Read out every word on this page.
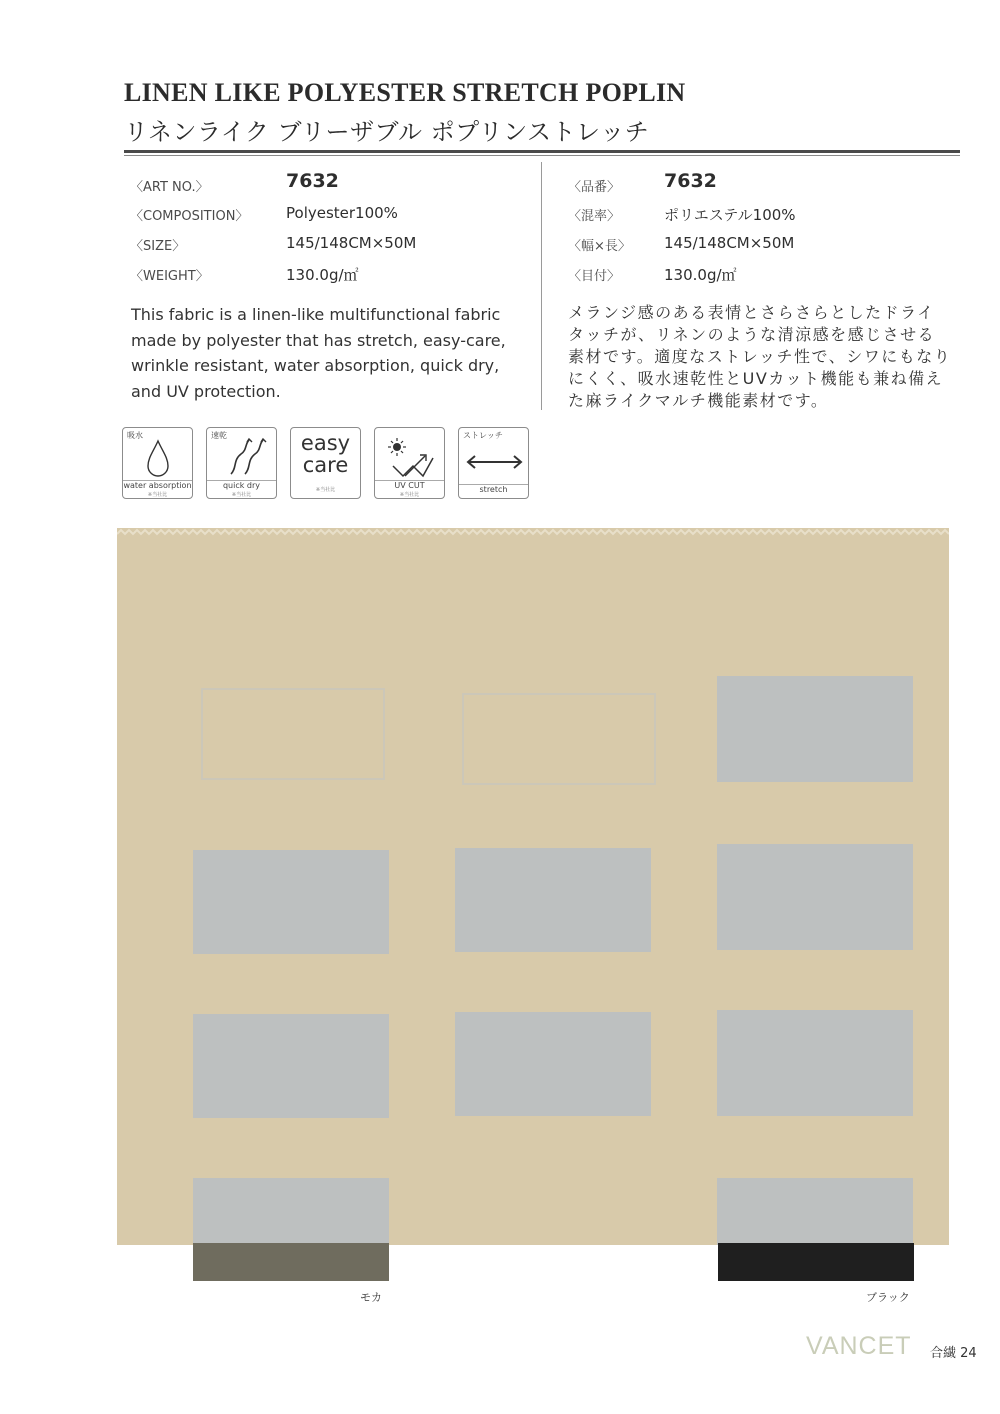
LINEN LIKE POLYESTER STRETCH POPLIN
リネンライク ブリーザブル ポプリンストレッチ
〈ART NO.〉	7632
〈COMPOSITION〉	Polyester100%
〈SIZE〉	145/148CM×50M
〈WEIGHT〉	130.0g/㎡
〈品番〉 7632
〈混率〉	ポリエステル100%
〈幅×長〉 145/148CM×50M
〈目付〉	130.0g/㎡
This fabric is a linen-like multifunctional fabric made by polyester that has stretch, easy-care, wrinkle resistant, water absorption, quick dry, and UV protection.
メランジ感のある表情とさらさらとしたドライタッチが、リネンのような清涼感を感じさせる素材です。適度なストレッチ性で、シワにもなりにくく、吸水速乾性とUVカット機能も兼ね備えた麻ライクマルチ機能素材です。
吸水
water absorption
※当社比
速乾
quick dry
※当社比
easy
care
※当社比	UV CUT
※当社比
ストレッチ
stretch
モカ	ブラック
VANCET 合繊 24
